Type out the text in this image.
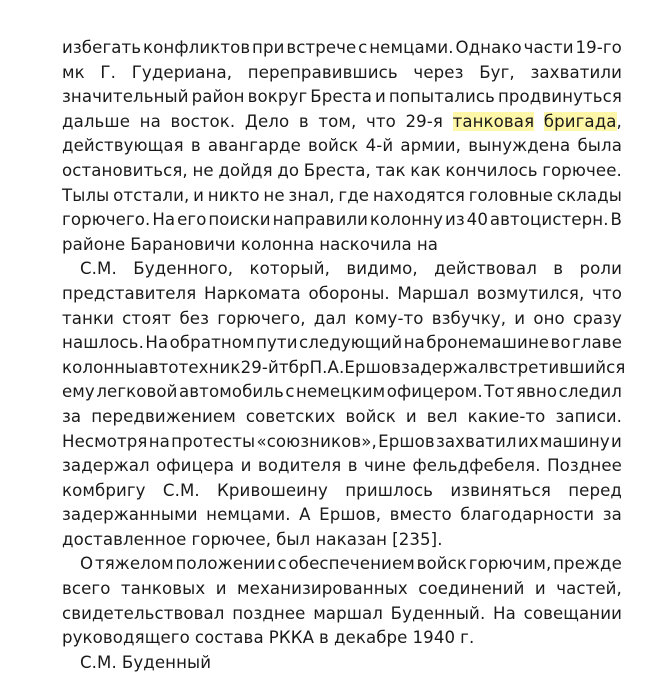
избегать конфликтов при встрече с немцами. Однако части 19-го
мк Г. Гудериана, переправившись через Буг, захватили
значительный район вокруг Бреста и попытались продвинуться
дальше на восток. Дело в том, что 29-я танковая бригада,
действующая в авангарде войск 4-й армии, вынуждена была
остановиться, не дойдя до Бреста, так как кончилось горючее.
Тылы отстали, и никто не знал, где находятся головные склады
горючего. На его поиски направили колонну из 40 автоцистерн. В
районе Барановичи колонна наскочила на
С.М. Буденного, который, видимо, действовал в роли
представителя Наркомата обороны. Маршал возмутился, что
танки стоят без горючего, дал кому-то взбучку, и оно сразу
нашлось. На обратном пути следующий на бронемашине во главе
колонны автотехник 29-й тбр П.А. Ершов задержал встретившийся
ему легковой автомобиль с немецким офицером. Тот явно следил
за передвижением советских войск и вел какие-то записи.
Несмотря на протесты «союзников», Ершов захватил их машину и
задержал офицера и водителя в чине фельдфебеля. Позднее
комбригу С.М. Кривошеину пришлось извиняться перед
задержанными немцами. А Ершов, вместо благодарности за
доставленное горючее, был наказан [235].
О тяжелом положении с обеспечением войск горючим, прежде
всего танковых и механизированных соединений и частей,
свидетельствовал позднее маршал Буденный. На совещании
руководящего состава РККА в декабре 1940 г.
С.М. Буденный
